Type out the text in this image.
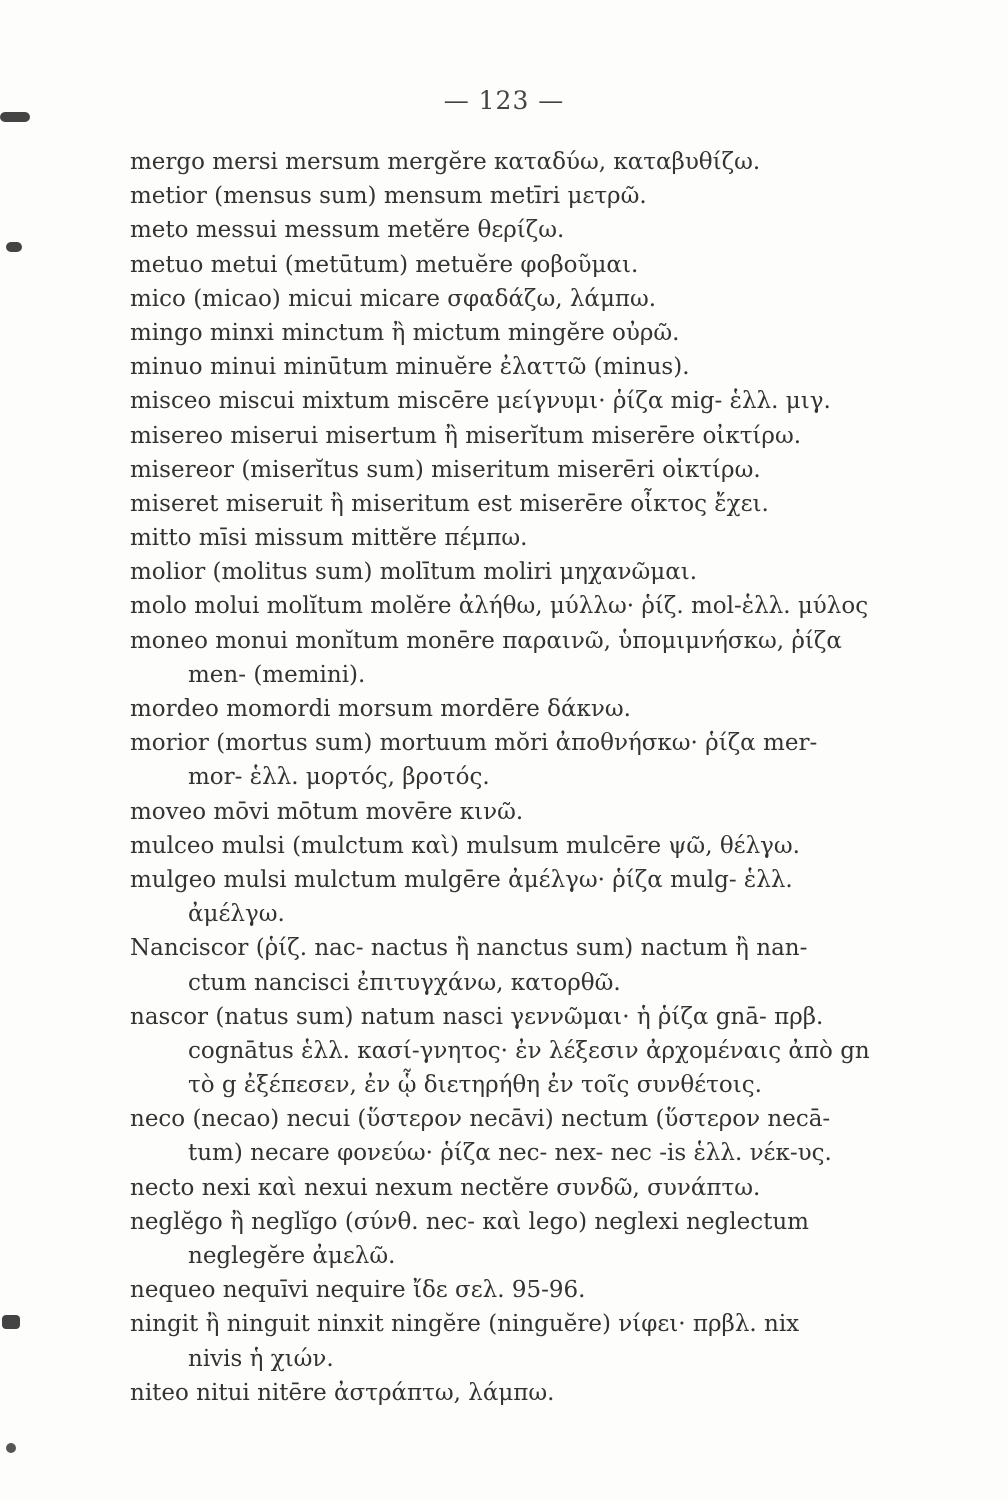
— 123 —
mergo mersi mersum mergĕre καταδύω, καταβυθίζω.
metior (mensus sum) mensum metīri μετρῶ.
meto messui messum metĕre θερίζω.
metuo metui (metūtum) metuĕre φοβοῦμαι.
mico (micao) micui micare σφαδάζω, λάμπω.
mingo minxi minctum ἢ mictum mingĕre οὐρῶ.
minuo minui minūtum minuĕre ἐλαττῶ (minus).
misceo miscui mixtum miscēre μείγνυμι· ῥίζα mig- ἑλλ. μιγ.
misereo miserui misertum ἢ miserĭtum miserēre οἰκτίρω.
misereor (miserĭtus sum) miseritum miserēri οἰκτίρω.
miseret miseruit ἢ miseritum est miserēre οἶκτος ἔχει.
mitto mīsi missum mittĕre πέμπω.
molior (molitus sum) molītum moliri μηχανῶμαι.
molo molui molĭtum molĕre ἀλήθω, μύλλω· ῥίζ. mol-ἑλλ. μύλος
moneo monui monĭtum monēre παραινῶ, ὑπομιμνήσκω, ῥίζα
men- (memini).
mordeo momordi morsum mordēre δάκνω.
morior (mortus sum) mortuum mŏri ἀποθνήσκω· ῥίζα mer-
mor- ἑλλ. μορτός, βροτός.
moveo mōvi mōtum movēre κινῶ.
mulceo mulsi (mulctum καὶ) mulsum mulcēre ψῶ, θέλγω.
mulgeo mulsi mulctum mulgēre ἀμέλγω· ῥίζα mulg- ἑλλ.
ἀμέλγω.
Nanciscor (ῥίζ. nac- nactus ἢ nanctus sum) nactum ἢ nan-
ctum nancisci ἐπιτυγχάνω, κατορθῶ.
nascor (natus sum) natum nasci γεννῶμαι· ἡ ῥίζα gnā- πρβ.
cognātus ἑλλ. κασί-γνητος· ἐν λέξεσιν ἀρχομέναις ἀπὸ gn
τὸ g ἐξέπεσεν, ἐν ᾧ διετηρήθη ἐν τοῖς συνθέτοις.
neco (necao) necui (ὕστερον necāvi) nectum (ὕστερον necā-
tum) necare φονεύω· ῥίζα nec- nex- nec -is ἑλλ. νέκ-υς.
necto nexi καὶ nexui nexum nectĕre συνδῶ, συνάπτω.
neglĕgo ἢ neglĭgo (σύνθ. nec- καὶ lego) neglexi neglectum
neglegĕre ἀμελῶ.
nequeo nequīvi nequire ἴδε σελ. 95-96.
ningit ἢ ninguit ninxit ningĕre (ninguĕre) νίφει· πρβλ. nix
nivis ἡ χιών.
niteo nitui nitēre ἀστράπτω, λάμπω.
